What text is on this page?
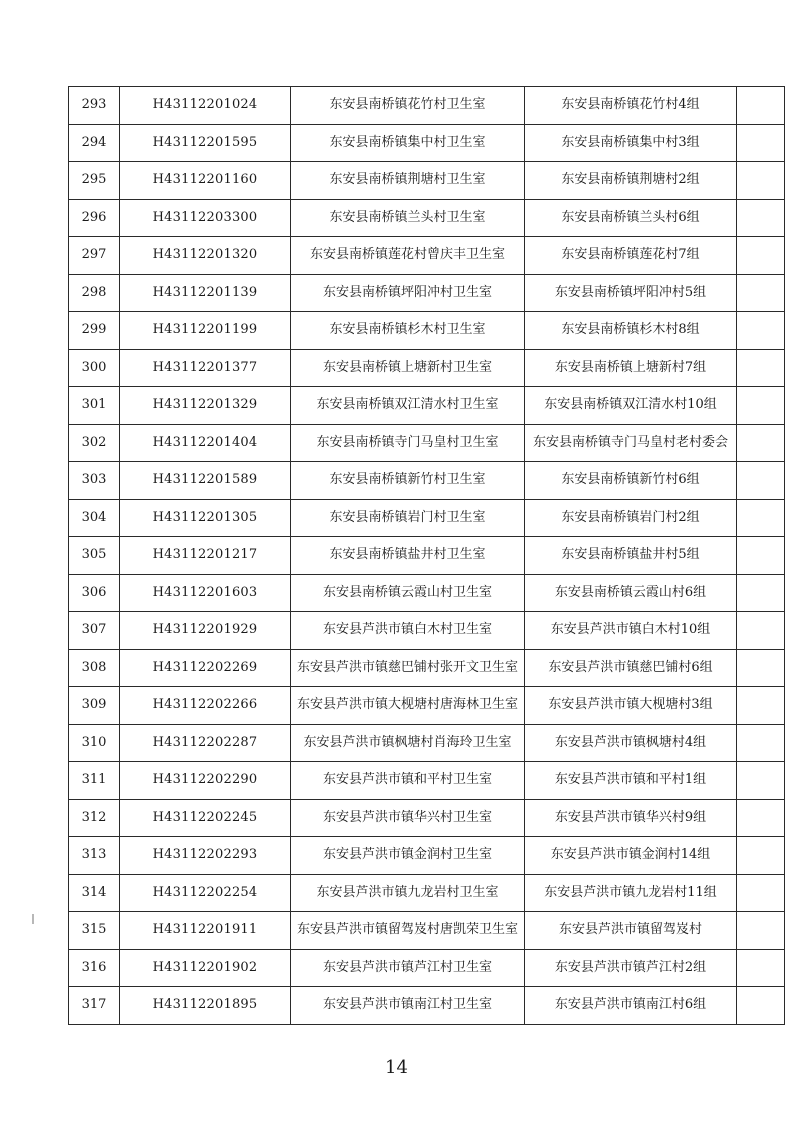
293	H43112201024	东安县南桥镇花竹村卫生室	东安县南桥镇花竹村4组	
294	H43112201595	东安县南桥镇集中村卫生室	东安县南桥镇集中村3组	
295	H43112201160	东安县南桥镇荆塘村卫生室	东安县南桥镇荆塘村2组	
296	H43112203300	东安县南桥镇兰头村卫生室	东安县南桥镇兰头村6组	
297	H43112201320	东安县南桥镇莲花村曾庆丰卫生室	东安县南桥镇莲花村7组	
298	H43112201139	东安县南桥镇坪阳冲村卫生室	东安县南桥镇坪阳冲村5组	
299	H43112201199	东安县南桥镇杉木村卫生室	东安县南桥镇杉木村8组	
300	H43112201377	东安县南桥镇上塘新村卫生室	东安县南桥镇上塘新村7组	
301	H43112201329	东安县南桥镇双江清水村卫生室	东安县南桥镇双江清水村10组	
302	H43112201404	东安县南桥镇寺门马皇村卫生室	东安县南桥镇寺门马皇村老村委会	
303	H43112201589	东安县南桥镇新竹村卫生室	东安县南桥镇新竹村6组	
304	H43112201305	东安县南桥镇岩门村卫生室	东安县南桥镇岩门村2组	
305	H43112201217	东安县南桥镇盐井村卫生室	东安县南桥镇盐井村5组	
306	H43112201603	东安县南桥镇云霞山村卫生室	东安县南桥镇云霞山村6组	
307	H43112201929	东安县芦洪市镇白木村卫生室	东安县芦洪市镇白木村10组	
308	H43112202269	东安县芦洪市镇慈巴铺村张开文卫生室	东安县芦洪市镇慈巴铺村6组	
309	H43112202266	东安县芦洪市镇大枧塘村唐海林卫生室	东安县芦洪市镇大枧塘村3组	
310	H43112202287	东安县芦洪市镇枫塘村肖海玲卫生室	东安县芦洪市镇枫塘村4组	
311	H43112202290	东安县芦洪市镇和平村卫生室	东安县芦洪市镇和平村1组	
312	H43112202245	东安县芦洪市镇华兴村卫生室	东安县芦洪市镇华兴村9组	
313	H43112202293	东安县芦洪市镇金润村卫生室	东安县芦洪市镇金润村14组	
314	H43112202254	东安县芦洪市镇九龙岩村卫生室	东安县芦洪市镇九龙岩村11组	
315	H43112201911	东安县芦洪市镇留驾岌村唐凯荣卫生室	东安县芦洪市镇留驾岌村	
316	H43112201902	东安县芦洪市镇芦江村卫生室	东安县芦洪市镇芦江村2组	
317	H43112201895	东安县芦洪市镇南江村卫生室	东安县芦洪市镇南江村6组	
14
